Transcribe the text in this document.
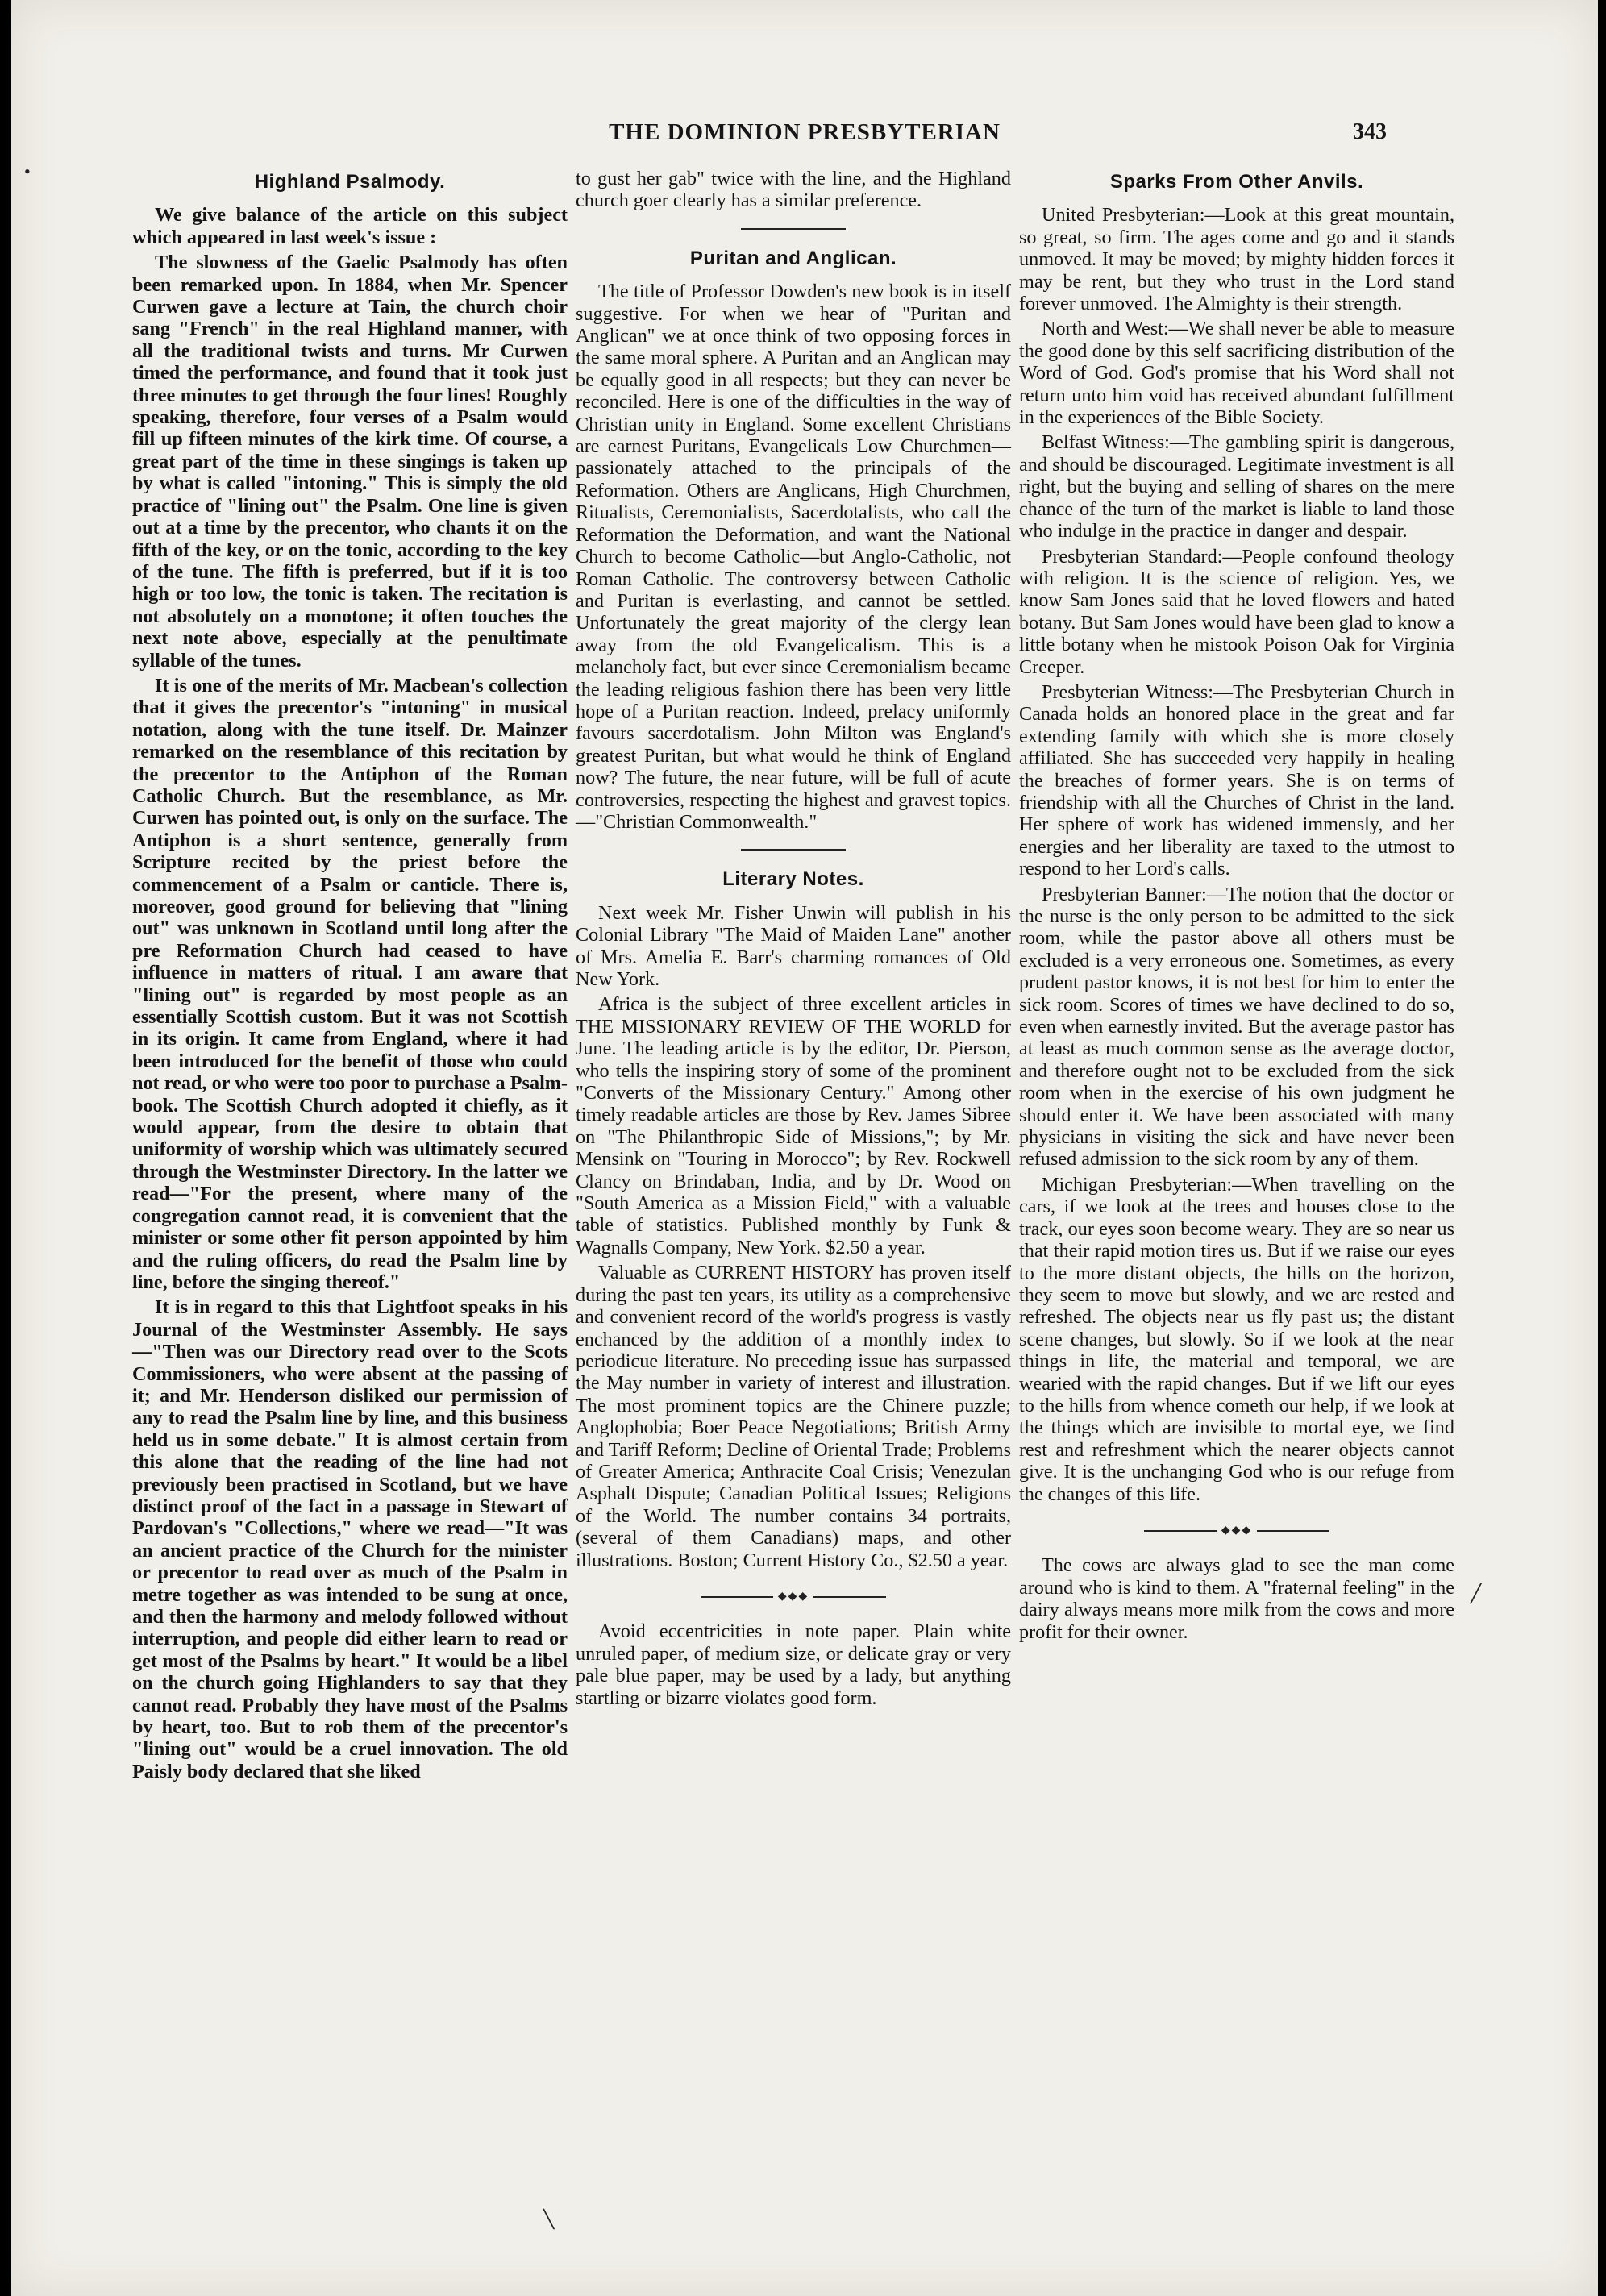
THE DOMINION PRESBYTERIAN	343
Highland Psalmody.

We give balance of the article on this subject which appeared in last week's issue :

The slowness of the Gaelic Psalmody has often been remarked upon. In 1884, when Mr. Spencer Curwen gave a lecture at Tain, the church choir sang "French" in the real Highland manner, with all the traditional twists and turns. Mr Curwen timed the performance, and found that it took just three minutes to get through the four lines! Roughly speaking, therefore, four verses of a Psalm would fill up fifteen minutes of the kirk time. Of course, a great part of the time in these singings is taken up by what is called "intoning." This is simply the old practice of "lining out" the Psalm. One line is given out at a time by the precentor, who chants it on the fifth of the key, or on the tonic, according to the key of the tune. The fifth is preferred, but if it is too high or too low, the tonic is taken. The recitation is not absolutely on a monotone; it often touches the next note above, especially at the penultimate syllable of the tunes.

It is one of the merits of Mr. Macbean's collection that it gives the precentor's "intoning" in musical notation, along with the tune itself. Dr. Mainzer remarked on the resemblance of this recitation by the precentor to the Antiphon of the Roman Catholic Church. But the resemblance, as Mr. Curwen has pointed out, is only on the surface. The Antiphon is a short sentence, generally from Scripture recited by the priest before the commencement of a Psalm or canticle. There is, moreover, good ground for believing that "lining out" was unknown in Scotland until long after the pre Reformation Church had ceased to have influence in matters of ritual. I am aware that "lining out" is regarded by most people as an essentially Scottish custom. But it was not Scottish in its origin. It came from England, where it had been introduced for the benefit of those who could not read, or who were too poor to purchase a Psalm-book. The Scottish Church adopted it chiefly, as it would appear, from the desire to obtain that uniformity of worship which was ultimately secured through the Westminster Directory. In the latter we read—"For the present, where many of the congregation cannot read, it is convenient that the minister or some other fit person appointed by him and the ruling officers, do read the Psalm line by line, before the singing thereof."

It is in regard to this that Lightfoot speaks in his Journal of the Westminster Assembly. He says—"Then was our Directory read over to the Scots Commissioners, who were absent at the passing of it; and Mr. Henderson disliked our permission of any to read the Psalm line by line, and this business held us in some debate." It is almost certain from this alone that the reading of the line had not previously been practised in Scotland, but we have distinct proof of the fact in a passage in Stewart of Pardovan's "Collections," where we read—"It was an ancient practice of the Church for the minister or precentor to read over as much of the Psalm in metre together as was intended to be sung at once, and then the harmony and melody followed without interruption, and people did either learn to read or get most of the Psalms by heart." It would be a libel on the church going Highlanders to say that they cannot read. Probably they have most of the Psalms by heart, too. But to rob them of the precentor's "lining out" would be a cruel innovation. The old Paisly body declared that she liked

to gust her gab" twice with the line, and the Highland church goer clearly has a similar preference.

Puritan and Anglican.

The title of Professor Dowden's new book is in itself suggestive. For when we hear of "Puritan and Anglican" we at once think of two opposing forces in the same moral sphere. A Puritan and an Anglican may be equally good in all respects; but they can never be reconciled. Here is one of the difficulties in the way of Christian unity in England. Some excellent Christians are earnest Puritans, Evangelicals Low Churchmen—passionately attached to the principals of the Reformation. Others are Anglicans, High Churchmen, Ritualists, Ceremonialists, Sacerdotalists, who call the Reformation the Deformation, and want the National Church to become Catholic—but Anglo-Catholic, not Roman Catholic. The controversy between Catholic and Puritan is everlasting, and cannot be settled. Unfortunately the great majority of the clergy lean away from the old Evangelicalism. This is a melancholy fact, but ever since Ceremonialism became the leading religious fashion there has been very little hope of a Puritan reaction. Indeed, prelacy uniformly favours sacerdotalism. John Milton was England's greatest Puritan, but what would he think of England now? The future, the near future, will be full of acute controversies, respecting the highest and gravest topics.—"Christian Commonwealth."

Literary Notes.

Next week Mr. Fisher Unwin will publish in his Colonial Library "The Maid of Maiden Lane" another of Mrs. Amelia E. Barr's charming romances of Old New York.

Africa is the subject of three excellent articles in THE MISSIONARY REVIEW OF THE WORLD for June. The leading article is by the editor, Dr. Pierson, who tells the inspiring story of some of the prominent "Converts of the Missionary Century." Among other timely readable articles are those by Rev. James Sibree on "The Philanthropic Side of Missions,"; by Mr. Mensink on "Touring in Morocco"; by Rev. Rockwell Clancy on Brindaban, India, and by Dr. Wood on "South America as a Mission Field," with a valuable table of statistics. Published monthly by Funk & Wagnalls Company, New York. $2.50 a year.

Valuable as CURRENT HISTORY has proven itself during the past ten years, its utility as a comprehensive and convenient record of the world's progress is vastly enchanced by the addition of a monthly index to periodicue literature. No preceding issue has surpassed the May number in variety of interest and illustration. The most prominent topics are the Chinere puzzle; Anglophobia; Boer Peace Negotiations; British Army and Tariff Reform; Decline of Oriental Trade; Problems of Greater America; Anthracite Coal Crisis; Venezulan Asphalt Dispute; Canadian Political Issues; Religions of the World. The number contains 34 portraits, (several of them Canadians) maps, and other illustrations. Boston; Current History Co., $2.50 a year.

◆◆◆

Avoid eccentricities in note paper. Plain white unruled paper, of medium size, or delicate gray or very pale blue paper, may be used by a lady, but anything startling or bizarre violates good form.

Sparks From Other Anvils.

United Presbyterian:—Look at this great mountain, so great, so firm. The ages come and go and it stands unmoved. It may be moved; by mighty hidden forces it may be rent, but they who trust in the Lord stand forever unmoved. The Almighty is their strength.

North and West:—We shall never be able to measure the good done by this self sacrificing distribution of the Word of God. God's promise that his Word shall not return unto him void has received abundant fulfillment in the experiences of the Bible Society.

Belfast Witness:—The gambling spirit is dangerous, and should be discouraged. Legitimate investment is all right, but the buying and selling of shares on the mere chance of the turn of the market is liable to land those who indulge in the practice in danger and despair.

Presbyterian Standard:—People confound theology with religion. It is the science of religion. Yes, we know Sam Jones said that he loved flowers and hated botany. But Sam Jones would have been glad to know a little botany when he mistook Poison Oak for Virginia Creeper.

Presbyterian Witness:—The Presbyterian Church in Canada holds an honored place in the great and far extending family with which she is more closely affiliated. She has succeeded very happily in healing the breaches of former years. She is on terms of friendship with all the Churches of Christ in the land. Her sphere of work has widened immensly, and her energies and her liberality are taxed to the utmost to respond to her Lord's calls.

Presbyterian Banner:—The notion that the doctor or the nurse is the only person to be admitted to the sick room, while the pastor above all others must be excluded is a very erroneous one. Sometimes, as every prudent pastor knows, it is not best for him to enter the sick room. Scores of times we have declined to do so, even when earnestly invited. But the average pastor has at least as much common sense as the average doctor, and therefore ought not to be excluded from the sick room when in the exercise of his own judgment he should enter it. We have been associated with many physicians in visiting the sick and have never been refused admission to the sick room by any of them.

Michigan Presbyterian:—When travelling on the cars, if we look at the trees and houses close to the track, our eyes soon become weary. They are so near us that their rapid motion tires us. But if we raise our eyes to the more distant objects, the hills on the horizon, they seem to move but slowly, and we are rested and refreshed. The objects near us fly past us; the distant scene changes, but slowly. So if we look at the near things in life, the material and temporal, we are wearied with the rapid changes. But if we lift our eyes to the hills from whence cometh our help, if we look at the things which are invisible to mortal eye, we find rest and refreshment which the nearer objects cannot give. It is the unchanging God who is our refuge from the changes of this life.

◆◆◆

The cows are always glad to see the man come around who is kind to them. A "fraternal feeling" in the dairy always means more milk from the cows and more profit for their owner.

•
╲
╱
